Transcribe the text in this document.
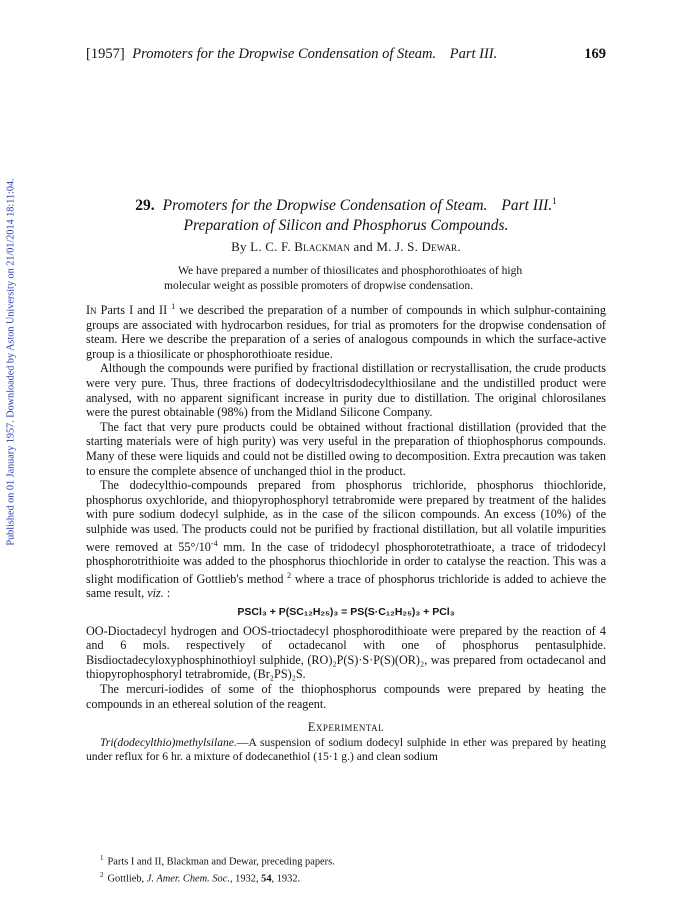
Published on 01 January 1957. Downloaded by Aston University on 21/01/2014 18:11:04.
[1957] Promoters for the Dropwise Condensation of Steam. Part III.	169
29. Promoters for the Dropwise Condensation of Steam. Part III.$^1$
Preparation of Silicon and Phosphorus Compounds.
By L. C. F. Blackman and M. J. S. Dewar.
We have prepared a number of thiosilicates and phosphorothioates of high molecular weight as possible promoters of dropwise condensation.

In Parts I and II $^1$ we described the preparation of a number of compounds in which sulphur-containing groups are associated with hydrocarbon residues, for trial as promoters for the dropwise condensation of steam. Here we describe the preparation of a series of analogous compounds in which the surface-active group is a thiosilicate or phosphorothioate residue.

Although the compounds were purified by fractional distillation or recrystallisation, the crude products were very pure. Thus, three fractions of dodecyltrisdodecylthiosilane and the undistilled product were analysed, with no apparent significant increase in purity due to distillation. The original chlorosilanes were the purest obtainable (98%) from the Midland Silicone Company.

The fact that very pure products could be obtained without fractional distillation (provided that the starting materials were of high purity) was very useful in the preparation of thiophosphorus compounds. Many of these were liquids and could not be distilled owing to decomposition. Extra precaution was taken to ensure the complete absence of unchanged thiol in the product.

The dodecylthio-compounds prepared from phosphorus trichloride, phosphorus thiochloride, phosphorus oxychloride, and thiopyrophosphoryl tetrabromide were prepared by treatment of the halides with pure sodium dodecyl sulphide, as in the case of the silicon compounds. An excess (10%) of the sulphide was used. The products could not be purified by fractional distillation, but all volatile impurities were removed at $55^\circ/10^{-4}$ mm. In the case of tridodecyl phosphorotetrathioate, a trace of tridodecyl phosphorotrithioite was added to the phosphorus thiochloride in order to catalyse the reaction. This was a slight modification of Gottlieb's method $^2$ where a trace of phosphorus trichloride is added to achieve the same result, viz. :

PSCl₃ + P(SC₁₂H₂₅)₃ = PS(S·C₁₂H₂₅)₃ + PCl₃

OO-Dioctadecyl hydrogen and OOS-trioctadecyl phosphorodithioate were prepared by the reaction of 4 and 6 mols. respectively of octadecanol with one of phosphorus pentasulphide. Bisdioctadecyloxyphosphinothioyl sulphide, (RO)₂P(S)·S·P(S)(OR)₂, was prepared from octadecanol and thiopyrophosphoryl tetrabromide, (Br₂PS)₂S.

The mercuri-iodides of some of the thiophosphorus compounds were prepared by heating the compounds in an ethereal solution of the reagent.

Experimental

Tri(dodecylthio)methylsilane.—A suspension of sodium dodecyl sulphide in ether was prepared by heating under reflux for 6 hr. a mixture of dodecanethiol (15·1 g.) and clean sodium

$^1$ Parts I and II, Blackman and Dewar, preceding papers.
$^2$ Gottlieb, J. Amer. Chem. Soc., 1932, 54, 1932.
